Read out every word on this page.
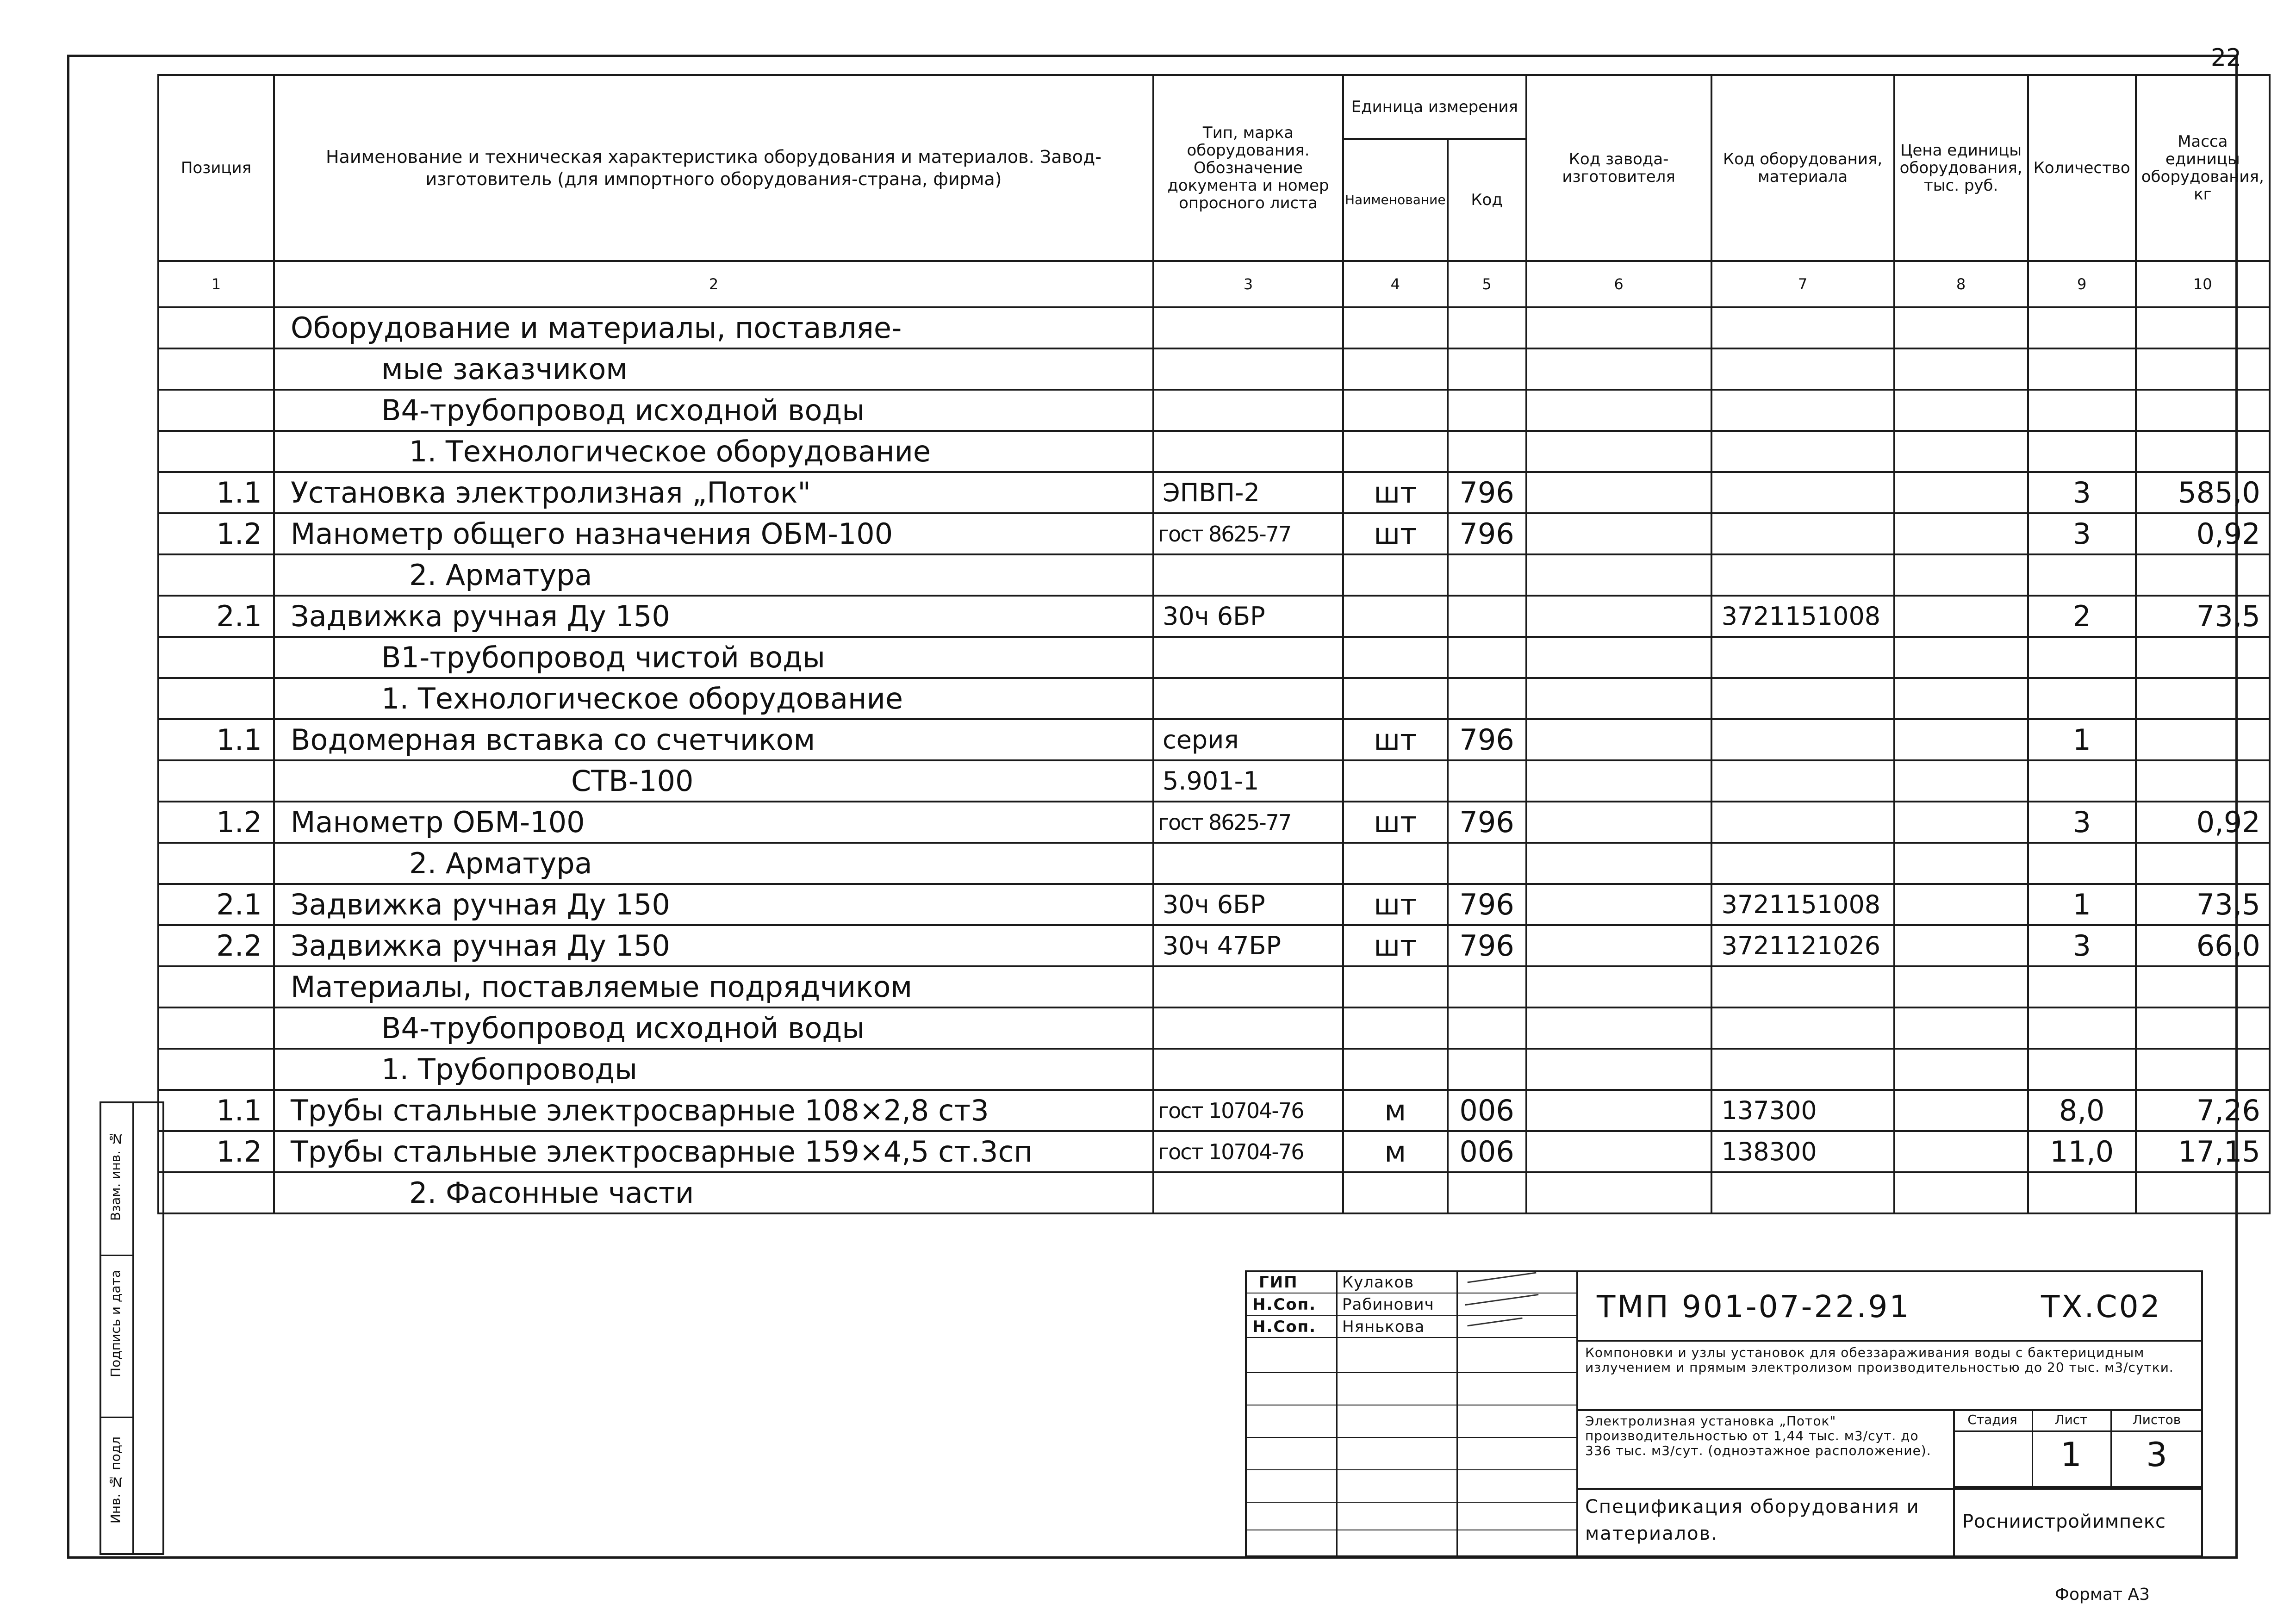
22
Позиция	Наименование и техническая характеристика оборудования и материалов. Завод-изготовитель (для импортного оборудования-страна, фирма)	Тип, марка оборудования. Обозначение документа и номер опросного листа	Единица измерения		Код завода-изготовителя	Код оборудования, материала	Цена единицы оборудования, тыс. руб.	Количество	Масса единицы оборудования, кг
			Наименование	Код					
1	2	3	4	5	6	7	8	9	10
	Оборудование и материалы, поставляе-								
	мые заказчиком								
	В4-трубопровод исходной воды								
	1. Технологическое оборудование								
1.1	Установка электролизная „Поток"	ЭПВП-2	шт	796				3	585,0
1.2	Манометр общего назначения ОБМ-100	гост 8625-77	шт	796				3	0,92
	2. Арматура								
2.1	Задвижка ручная Ду 150	30ч 6БР				3721151008		2	73,5
	В1-трубопровод чистой воды								
	1. Технологическое оборудование								
1.1	Водомерная вставка со счетчиком	серия	шт	796				1	
	СТВ-100	5.901-1							
1.2	Манометр ОБМ-100	гост 8625-77	шт	796				3	0,92
	2. Арматура								
2.1	Задвижка ручная Ду 150	30ч 6БР	шт	796		3721151008		1	73,5
2.2	Задвижка ручная Ду 150	30ч 47БР	шт	796		3721121026		3	66,0
	Материалы, поставляемые подрядчиком								
	В4-трубопровод исходной воды								
	1. Трубопроводы								
1.1	Трубы стальные электросварные 108×2,8 ст3	гост 10704-76	м	006		137300		8,0	7,26
1.2	Трубы стальные электросварные 159×4,5 ст.3сп	гост 10704-76	м	006		138300		11,0	17,15
	2. Фасонные части								
Взам. инв. №
Подпись и дата
Инв. № подл
ГИП	Кулаков
Н.Соп. Рабинович
Н.Соп. Нянькова
ТМП 901-07-22.91	ТХ.С02
Компоновки и узлы установок для обеззараживания воды с бактерицидным излучением и прямым электролизом производительностью до 20 тыс. м3/сутки.
Электролизная установка „Поток" производительностью от 1,44 тыс. м3/сут. до 336 тыс. м3/сут. (одноэтажное расположение).
Стадия	Лист	Листов
1	3
Спецификация оборудования и материалов.
Росниистройимпекс
Формат А3
